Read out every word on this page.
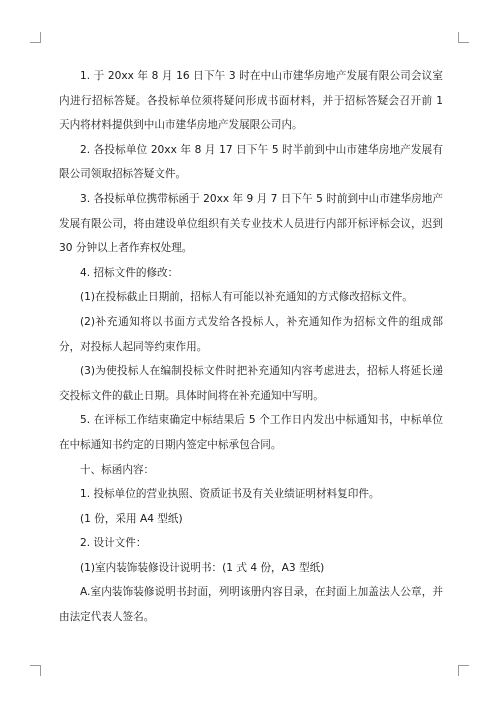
1. 于 20xx 年 8 月 16 日下午 3 时在中山市建华房地产发展有限公司会议室内进行招标答疑。各投标单位须将疑问形成书面材料，并于招标答疑会召开前 1 天内将材料提供到中山市建华房地产发展限公司内。

2. 各投标单位 20xx 年 8 月 17 日下午 5 时半前到中山市建华房地产发展有限公司领取招标答疑文件。

3. 各投标单位携带标函于 20xx 年 9 月 7 日下午 5 时前到中山市建华房地产发展有限公司，将由建设单位组织有关专业技术人员进行内部开标评标会议，迟到 30 分钟以上者作弃权处理。

4. 招标文件的修改：

(1)在投标截止日期前，招标人有可能以补充通知的方式修改招标文件。

(2)补充通知将以书面方式发给各投标人，补充通知作为招标文件的组成部分，对投标人起同等约束作用。

(3)为使投标人在编制投标文件时把补充通知内容考虑进去，招标人将延长递交投标文件的截止日期。具体时间将在补充通知中写明。

5. 在评标工作结束确定中标结果后 5 个工作日内发出中标通知书，中标单位在中标通知书约定的日期内签定中标承包合同。

十、标函内容：

1. 投标单位的营业执照、资质证书及有关业绩证明材料复印件。

(1 份，采用 A4 型纸)

2. 设计文件：

(1)室内装饰装修设计说明书：(1 式 4 份，A3 型纸)

A.室内装饰装修说明书封面，列明该册内容目录，在封面上加盖法人公章，并由法定代表人签名。
